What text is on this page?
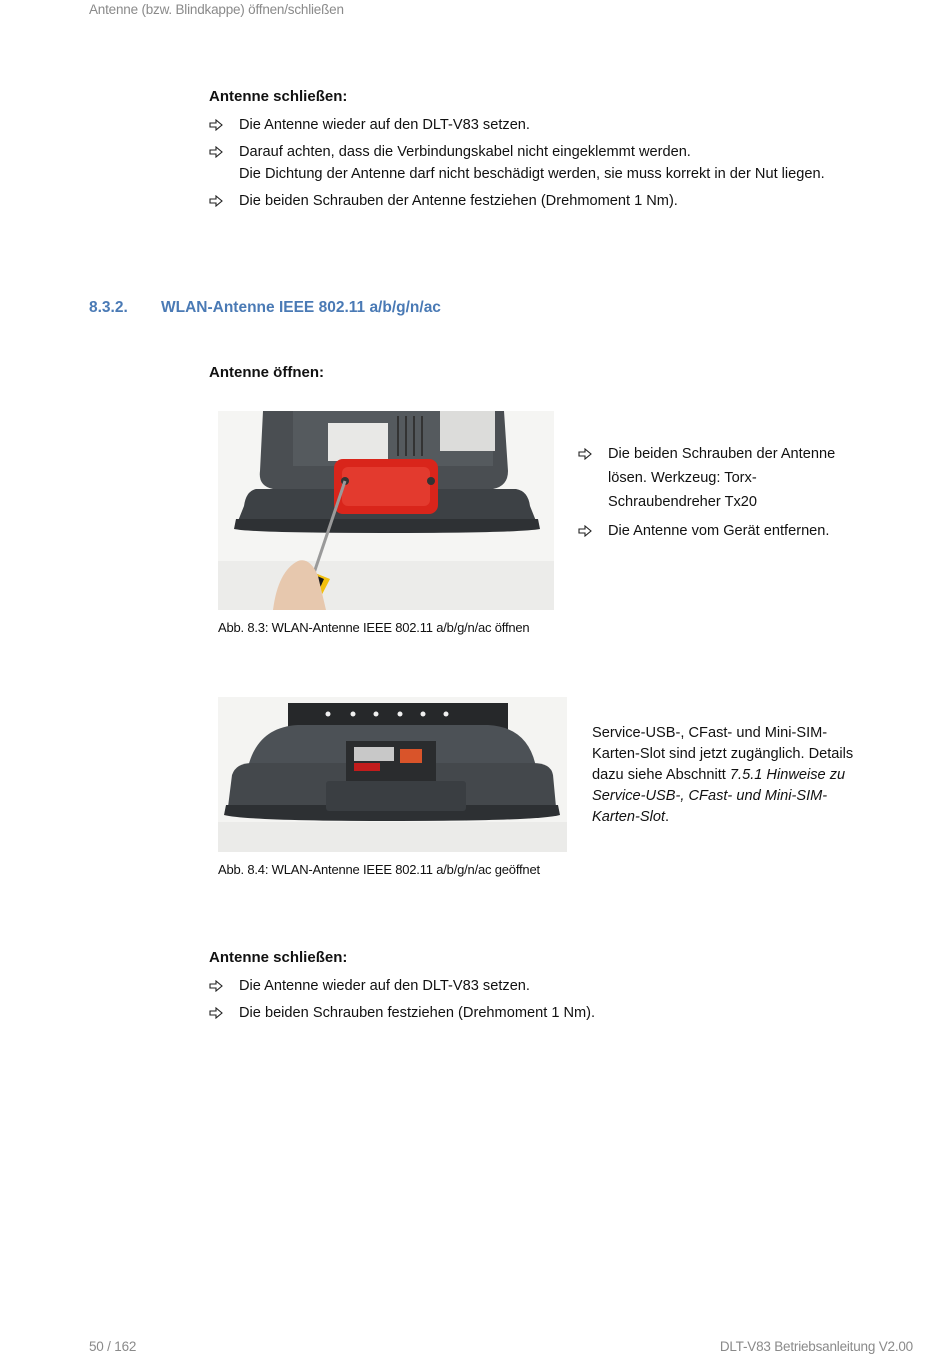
Antenne (bzw. Blindkappe) öffnen/schließen
Antenne schließen:
Die Antenne wieder auf den DLT-V83 setzen.
Darauf achten, dass die Verbindungskabel nicht eingeklemmt werden.
Die Dichtung der Antenne darf nicht beschädigt werden, sie muss korrekt in der Nut liegen.
Die beiden Schrauben der Antenne festziehen (Drehmoment 1 Nm).
8.3.2. WLAN-Antenne IEEE 802.11 a/b/g/n/ac
Antenne öffnen:
Die beiden Schrauben der Antenne lösen. Werkzeug: Torx-Schraubendreher Tx20
Die Antenne vom Gerät entfernen.
Abb. 8.3: WLAN-Antenne IEEE 802.11 a/b/g/n/ac öffnen
Service-USB-, CFast- und Mini-SIM-Karten-Slot sind jetzt zugänglich. Details dazu siehe Abschnitt 7.5.1 Hinweise zu Service-USB-, CFast- und Mini-SIM-Karten-Slot.
Abb. 8.4: WLAN-Antenne IEEE 802.11 a/b/g/n/ac geöffnet
Antenne schließen:
Die Antenne wieder auf den DLT-V83 setzen.
Die beiden Schrauben festziehen (Drehmoment 1 Nm).
50 / 162	DLT-V83 Betriebsanleitung V2.00
